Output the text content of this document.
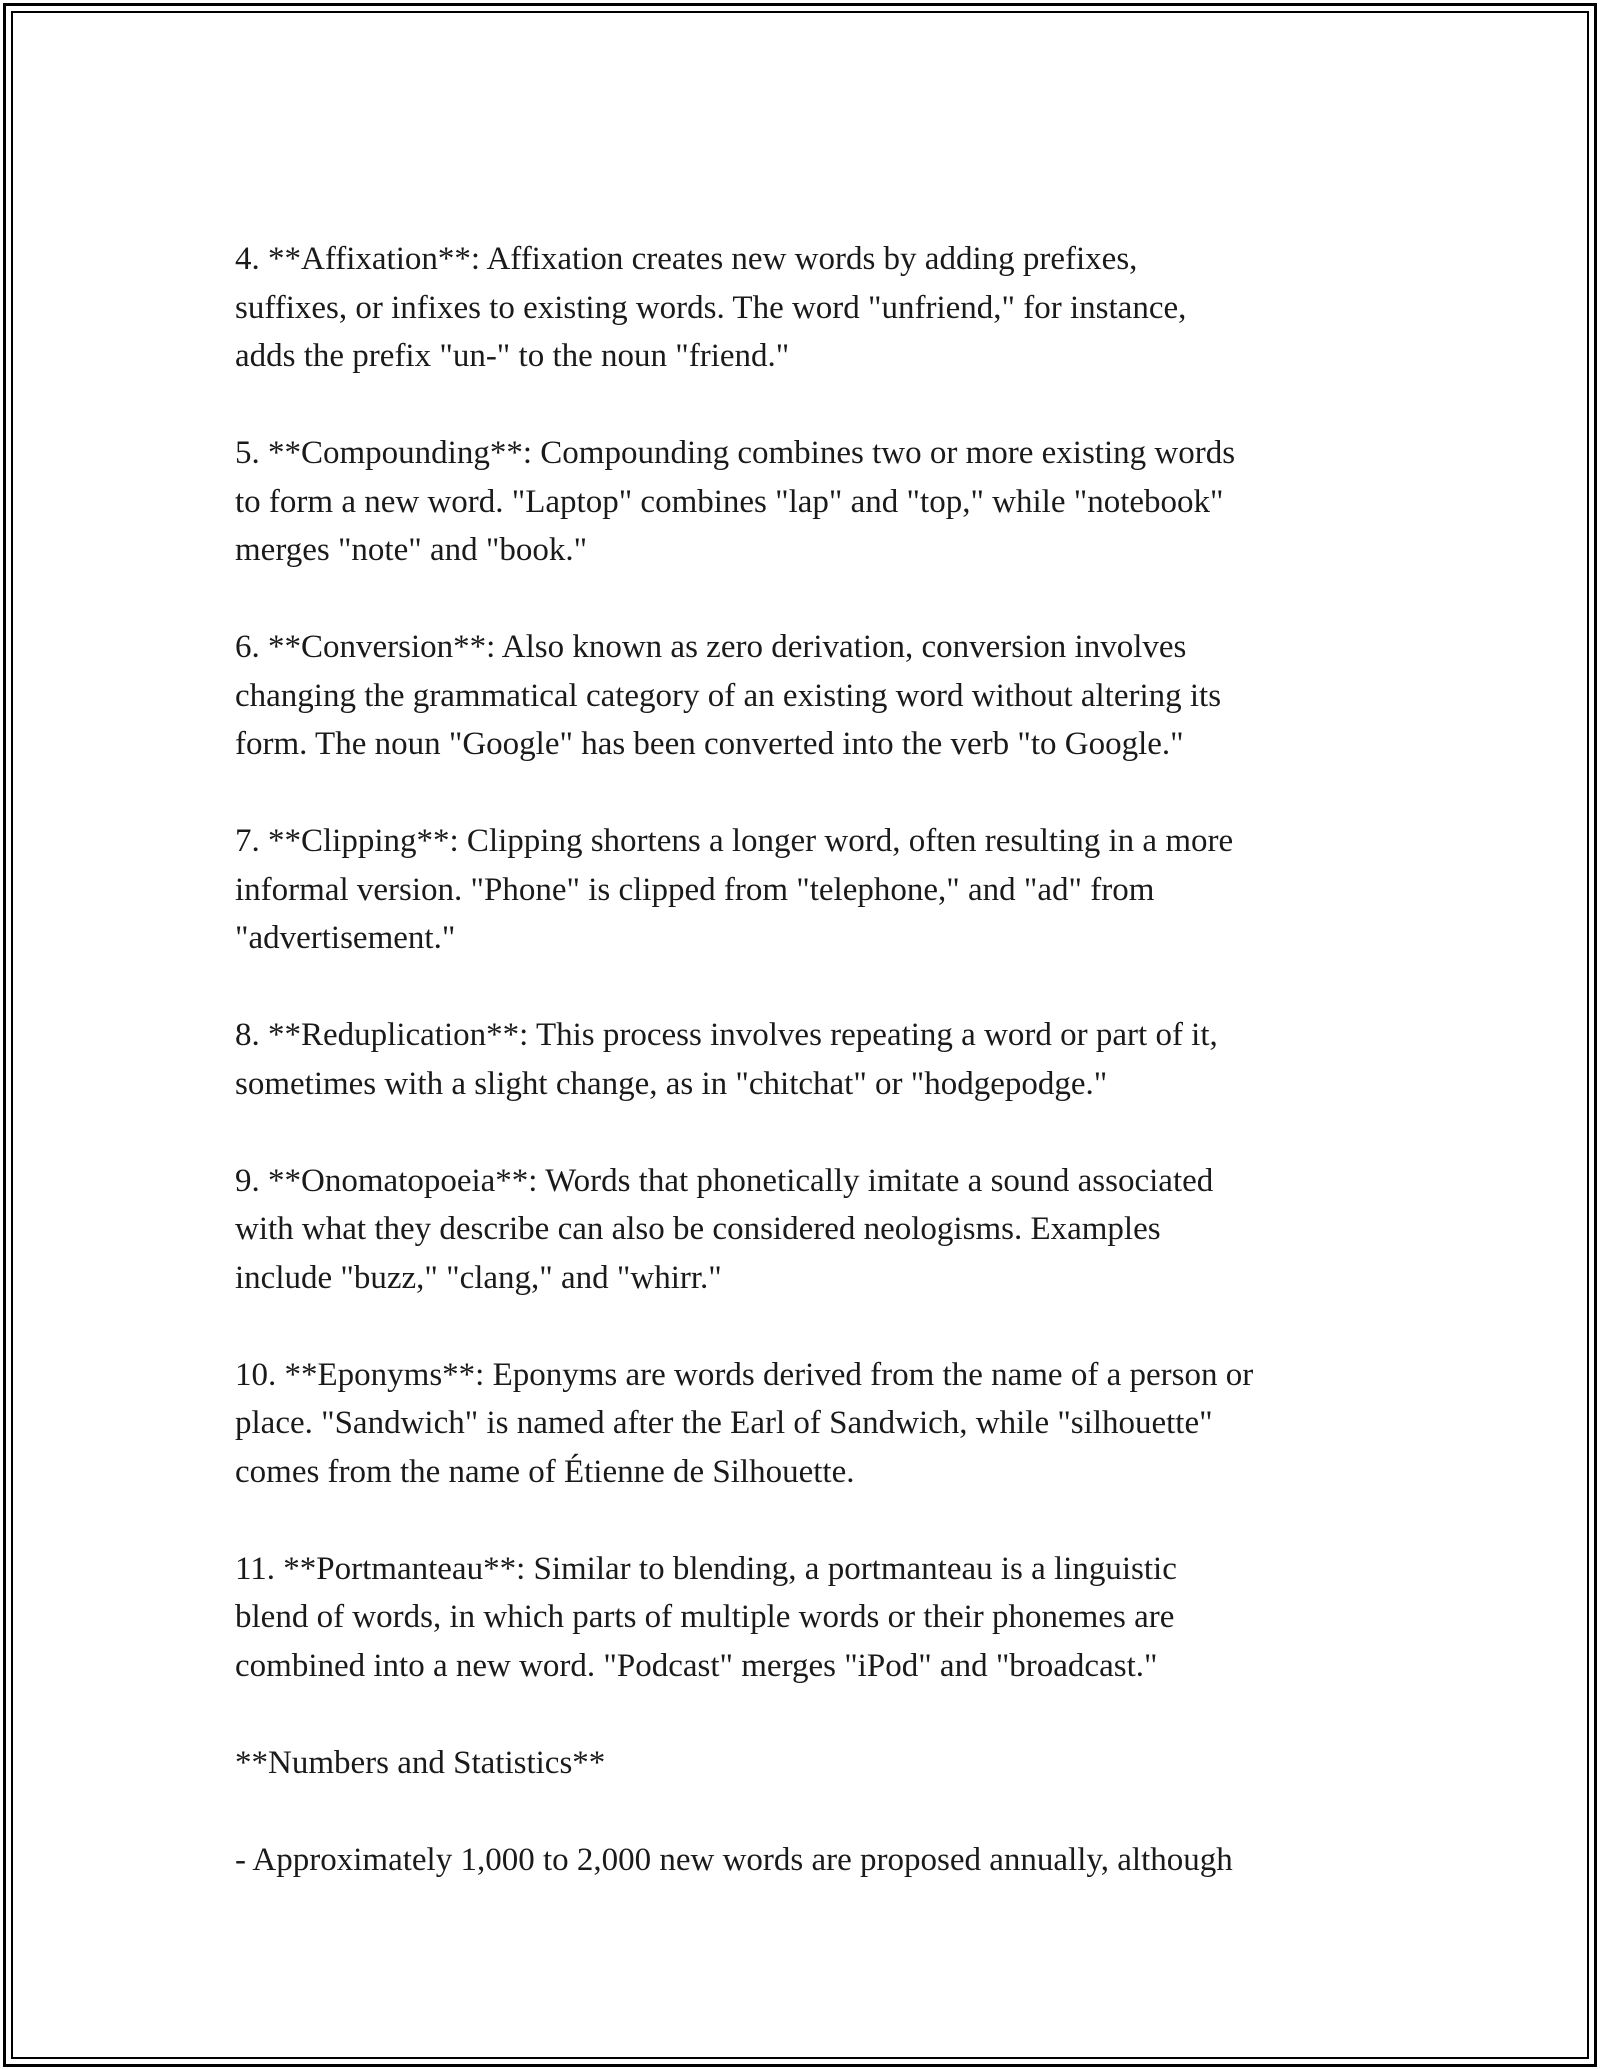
4. **Affixation**: Affixation creates new words by adding prefixes,
suffixes, or infixes to existing words. The word "unfriend," for instance,
adds the prefix "un-" to the noun "friend."

5. **Compounding**: Compounding combines two or more existing words
to form a new word. "Laptop" combines "lap" and "top," while "notebook"
merges "note" and "book."

6. **Conversion**: Also known as zero derivation, conversion involves
changing the grammatical category of an existing word without altering its
form. The noun "Google" has been converted into the verb "to Google."

7. **Clipping**: Clipping shortens a longer word, often resulting in a more
informal version. "Phone" is clipped from "telephone," and "ad" from
"advertisement."

8. **Reduplication**: This process involves repeating a word or part of it,
sometimes with a slight change, as in "chitchat" or "hodgepodge."

9. **Onomatopoeia**: Words that phonetically imitate a sound associated
with what they describe can also be considered neologisms. Examples
include "buzz," "clang," and "whirr."

10. **Eponyms**: Eponyms are words derived from the name of a person or
place. "Sandwich" is named after the Earl of Sandwich, while "silhouette"
comes from the name of Étienne de Silhouette.

11. **Portmanteau**: Similar to blending, a portmanteau is a linguistic
blend of words, in which parts of multiple words or their phonemes are
combined into a new word. "Podcast" merges "iPod" and "broadcast."

**Numbers and Statistics**

- Approximately 1,000 to 2,000 new words are proposed annually, although
